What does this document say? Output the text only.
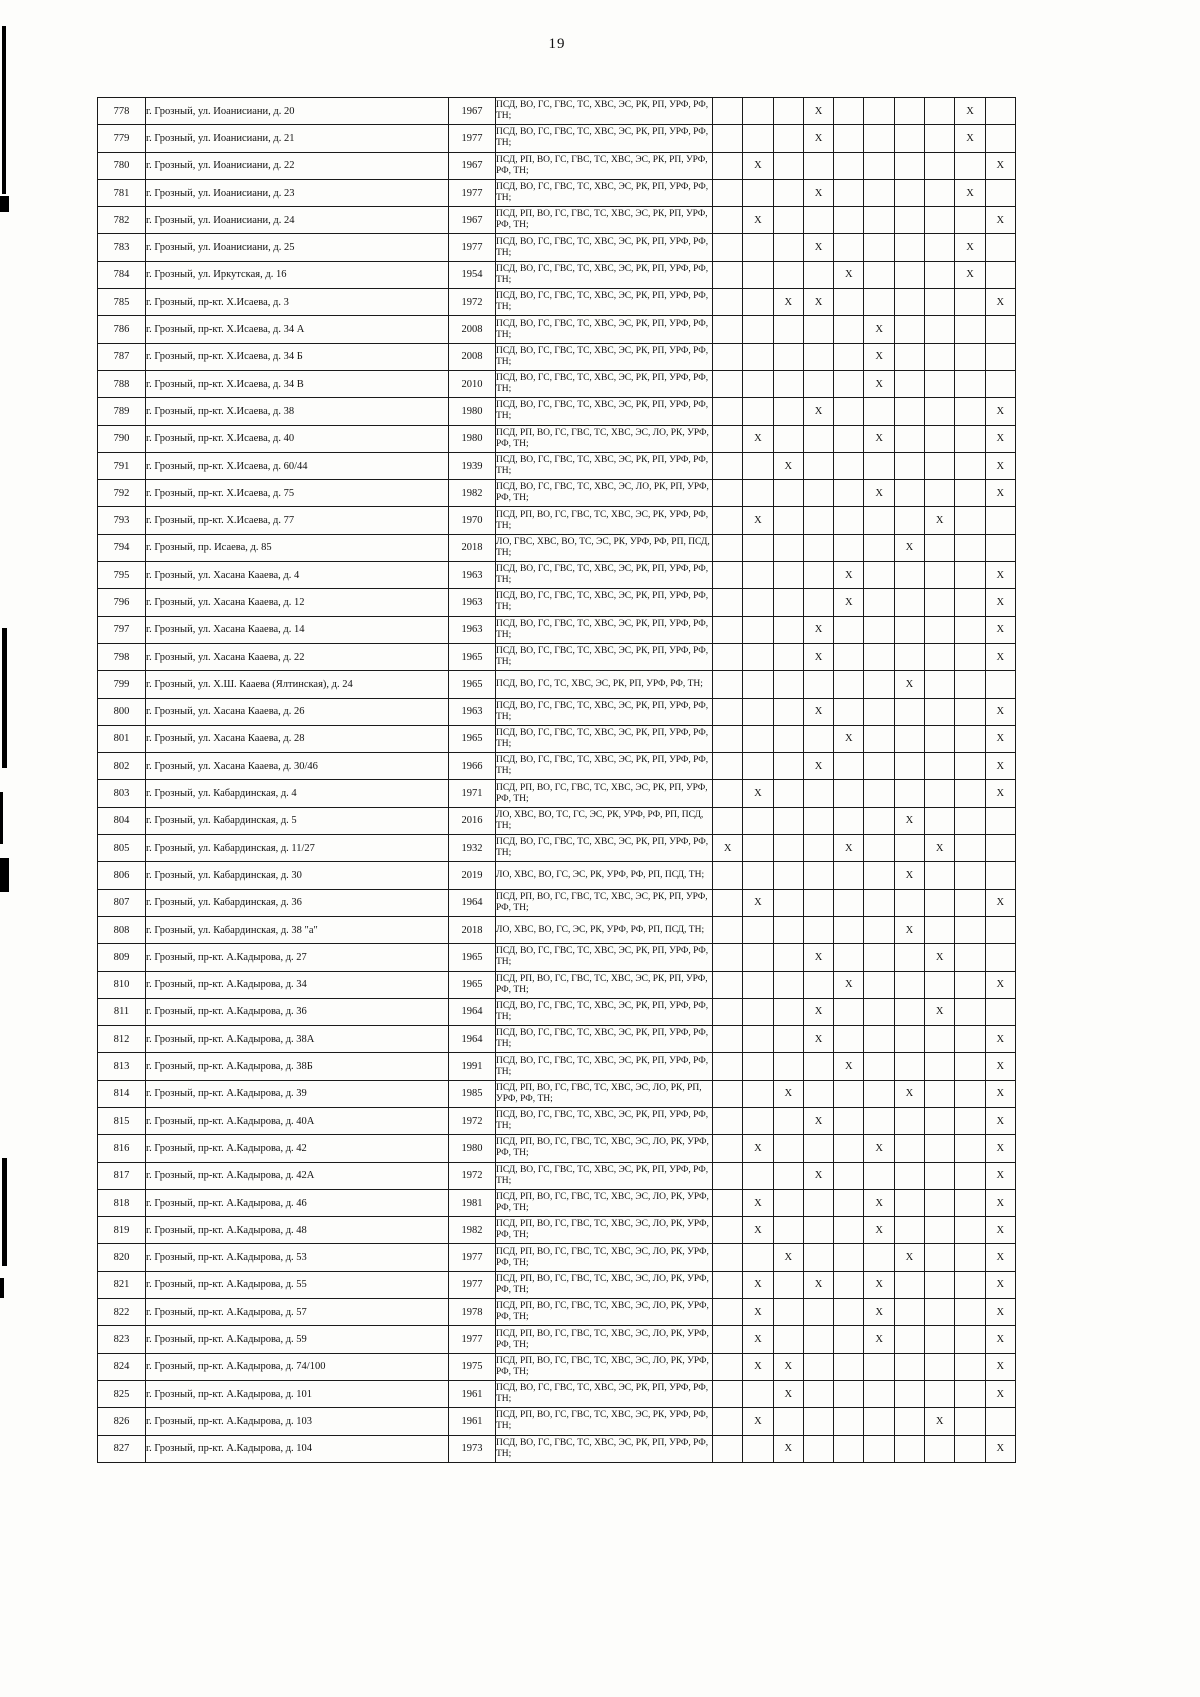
19
778	г. Грозный, ул. Иоанисиани, д. 20	1967	ПСД, ВО, ГС, ГВС, ТС, ХВС, ЭС, РК, РП, УРФ, РФ, ТН;				X					X	
779	г. Грозный, ул. Иоанисиани, д. 21	1977	ПСД, ВО, ГС, ГВС, ТС, ХВС, ЭС, РК, РП, УРФ, РФ, ТН;				X					X	
780	г. Грозный, ул. Иоанисиани, д. 22	1967	ПСД, РП, ВО, ГС, ГВС, ТС, ХВС, ЭС, РК, РП, УРФ, РФ, ТН;		X								X
781	г. Грозный, ул. Иоанисиани, д. 23	1977	ПСД, ВО, ГС, ГВС, ТС, ХВС, ЭС, РК, РП, УРФ, РФ, ТН;				X					X	
782	г. Грозный, ул. Иоанисиани, д. 24	1967	ПСД, РП, ВО, ГС, ГВС, ТС, ХВС, ЭС, РК, РП, УРФ, РФ, ТН;		X								X
783	г. Грозный, ул. Иоанисиани, д. 25	1977	ПСД, ВО, ГС, ГВС, ТС, ХВС, ЭС, РК, РП, УРФ, РФ, ТН;				X					X	
784	г. Грозный, ул. Иркутская, д. 16	1954	ПСД, ВО, ГС, ГВС, ТС, ХВС, ЭС, РК, РП, УРФ, РФ, ТН;					X				X	
785	г. Грозный, пр-кт. Х.Исаева, д. 3	1972	ПСД, ВО, ГС, ГВС, ТС, ХВС, ЭС, РК, РП, УРФ, РФ, ТН;			X	X						X
786	г. Грозный, пр-кт. Х.Исаева, д. 34 А	2008	ПСД, ВО, ГС, ГВС, ТС, ХВС, ЭС, РК, РП, УРФ, РФ, ТН;						X				
787	г. Грозный, пр-кт. Х.Исаева, д. 34 Б	2008	ПСД, ВО, ГС, ГВС, ТС, ХВС, ЭС, РК, РП, УРФ, РФ, ТН;						X				
788	г. Грозный, пр-кт. Х.Исаева, д. 34 В	2010	ПСД, ВО, ГС, ГВС, ТС, ХВС, ЭС, РК, РП, УРФ, РФ, ТН;						X				
789	г. Грозный, пр-кт. Х.Исаева, д. 38	1980	ПСД, ВО, ГС, ГВС, ТС, ХВС, ЭС, РК, РП, УРФ, РФ, ТН;				X						X
790	г. Грозный, пр-кт. Х.Исаева, д. 40	1980	ПСД, РП, ВО, ГС, ГВС, ТС, ХВС, ЭС, ЛО, РК, УРФ, РФ, ТН;		X				X				X
791	г. Грозный, пр-кт. Х.Исаева, д. 60/44	1939	ПСД, ВО, ГС, ГВС, ТС, ХВС, ЭС, РК, РП, УРФ, РФ, ТН;			X							X
792	г. Грозный, пр-кт. Х.Исаева, д. 75	1982	ПСД, ВО, ГС, ГВС, ТС, ХВС, ЭС, ЛО, РК, РП, УРФ, РФ, ТН;						X				X
793	г. Грозный, пр-кт. Х.Исаева, д. 77	1970	ПСД, РП, ВО, ГС, ГВС, ТС, ХВС, ЭС, РК, УРФ, РФ, ТН;		X						X		
794	г. Грозный, пр. Исаева, д. 85	2018	ЛО, ГВС, ХВС, ВО, ТС, ЭС, РК, УРФ, РФ, РП, ПСД, ТН;							X			
795	г. Грозный, ул. Хасана Кааева, д. 4	1963	ПСД, ВО, ГС, ГВС, ТС, ХВС, ЭС, РК, РП, УРФ, РФ, ТН;					X					X
796	г. Грозный, ул. Хасана Кааева, д. 12	1963	ПСД, ВО, ГС, ГВС, ТС, ХВС, ЭС, РК, РП, УРФ, РФ, ТН;					X					X
797	г. Грозный, ул. Хасана Кааева, д. 14	1963	ПСД, ВО, ГС, ГВС, ТС, ХВС, ЭС, РК, РП, УРФ, РФ, ТН;				X						X
798	г. Грозный, ул. Хасана Кааева, д. 22	1965	ПСД, ВО, ГС, ГВС, ТС, ХВС, ЭС, РК, РП, УРФ, РФ, ТН;				X						X
799	г. Грозный, ул. Х.Ш. Кааева (Ялтинская), д. 24	1965	ПСД, ВО, ГС, ТС, ХВС, ЭС, РК, РП, УРФ, РФ, ТН;							X			
800	г. Грозный, ул. Хасана Кааева, д. 26	1963	ПСД, ВО, ГС, ГВС, ТС, ХВС, ЭС, РК, РП, УРФ, РФ, ТН;				X						X
801	г. Грозный, ул. Хасана Кааева, д. 28	1965	ПСД, ВО, ГС, ГВС, ТС, ХВС, ЭС, РК, РП, УРФ, РФ, ТН;					X					X
802	г. Грозный, ул. Хасана Кааева, д. 30/46	1966	ПСД, ВО, ГС, ГВС, ТС, ХВС, ЭС, РК, РП, УРФ, РФ, ТН;				X						X
803	г. Грозный, ул. Кабардинская, д. 4	1971	ПСД, РП, ВО, ГС, ГВС, ТС, ХВС, ЭС, РК, РП, УРФ, РФ, ТН;		X								X
804	г. Грозный, ул. Кабардинская, д. 5	2016	ЛО, ХВС, ВО, ТС, ГС, ЭС, РК, УРФ, РФ, РП, ПСД, ТН;							X			
805	г. Грозный, ул. Кабардинская, д. 11/27	1932	ПСД, ВО, ГС, ГВС, ТС, ХВС, ЭС, РК, РП, УРФ, РФ, ТН;	X				X			X		
806	г. Грозный, ул. Кабардинская, д. 30	2019	ЛО, ХВС, ВО, ГС, ЭС, РК, УРФ, РФ, РП, ПСД, ТН;							X			
807	г. Грозный, ул. Кабардинская, д. 36	1964	ПСД, РП, ВО, ГС, ГВС, ТС, ХВС, ЭС, РК, РП, УРФ, РФ, ТН;		X								X
808	г. Грозный, ул. Кабардинская, д. 38 "а"	2018	ЛО, ХВС, ВО, ГС, ЭС, РК, УРФ, РФ, РП, ПСД, ТН;							X			
809	г. Грозный, пр-кт. А.Кадырова, д. 27	1965	ПСД, ВО, ГС, ГВС, ТС, ХВС, ЭС, РК, РП, УРФ, РФ, ТН;				X				X		
810	г. Грозный, пр-кт. А.Кадырова, д. 34	1965	ПСД, РП, ВО, ГС, ГВС, ТС, ХВС, ЭС, РК, РП, УРФ, РФ, ТН;					X					X
811	г. Грозный, пр-кт. А.Кадырова, д. 36	1964	ПСД, ВО, ГС, ГВС, ТС, ХВС, ЭС, РК, РП, УРФ, РФ, ТН;				X				X		
812	г. Грозный, пр-кт. А.Кадырова, д. 38А	1964	ПСД, ВО, ГС, ГВС, ТС, ХВС, ЭС, РК, РП, УРФ, РФ, ТН;				X						X
813	г. Грозный, пр-кт. А.Кадырова, д. 38Б	1991	ПСД, ВО, ГС, ГВС, ТС, ХВС, ЭС, РК, РП, УРФ, РФ, ТН;					X					X
814	г. Грозный, пр-кт. А.Кадырова, д. 39	1985	ПСД, РП, ВО, ГС, ГВС, ТС, ХВС, ЭС, ЛО, РК, РП, УРФ, РФ, ТН;			X				X			X
815	г. Грозный, пр-кт. А.Кадырова, д. 40А	1972	ПСД, ВО, ГС, ГВС, ТС, ХВС, ЭС, РК, РП, УРФ, РФ, ТН;				X						X
816	г. Грозный, пр-кт. А.Кадырова, д. 42	1980	ПСД, РП, ВО, ГС, ГВС, ТС, ХВС, ЭС, ЛО, РК, УРФ, РФ, ТН;		X				X				X
817	г. Грозный, пр-кт. А.Кадырова, д. 42А	1972	ПСД, ВО, ГС, ГВС, ТС, ХВС, ЭС, РК, РП, УРФ, РФ, ТН;				X						X
818	г. Грозный, пр-кт. А.Кадырова, д. 46	1981	ПСД, РП, ВО, ГС, ГВС, ТС, ХВС, ЭС, ЛО, РК, УРФ, РФ, ТН;		X				X				X
819	г. Грозный, пр-кт. А.Кадырова, д. 48	1982	ПСД, РП, ВО, ГС, ГВС, ТС, ХВС, ЭС, ЛО, РК, УРФ, РФ, ТН;		X				X				X
820	г. Грозный, пр-кт. А.Кадырова, д. 53	1977	ПСД, РП, ВО, ГС, ГВС, ТС, ХВС, ЭС, ЛО, РК, УРФ, РФ, ТН;			X				X			X
821	г. Грозный, пр-кт. А.Кадырова, д. 55	1977	ПСД, РП, ВО, ГС, ГВС, ТС, ХВС, ЭС, ЛО, РК, УРФ, РФ, ТН;		X		X		X				X
822	г. Грозный, пр-кт. А.Кадырова, д. 57	1978	ПСД, РП, ВО, ГС, ГВС, ТС, ХВС, ЭС, ЛО, РК, УРФ, РФ, ТН;		X				X				X
823	г. Грозный, пр-кт. А.Кадырова, д. 59	1977	ПСД, РП, ВО, ГС, ГВС, ТС, ХВС, ЭС, ЛО, РК, УРФ, РФ, ТН;		X				X				X
824	г. Грозный, пр-кт. А.Кадырова, д. 74/100	1975	ПСД, РП, ВО, ГС, ГВС, ТС, ХВС, ЭС, ЛО, РК, УРФ, РФ, ТН;		X	X							X
825	г. Грозный, пр-кт. А.Кадырова, д. 101	1961	ПСД, ВО, ГС, ГВС, ТС, ХВС, ЭС, РК, РП, УРФ, РФ, ТН;			X							X
826	г. Грозный, пр-кт. А.Кадырова, д. 103	1961	ПСД, РП, ВО, ГС, ГВС, ТС, ХВС, ЭС, РК, УРФ, РФ, ТН;		X						X		
827	г. Грозный, пр-кт. А.Кадырова, д. 104	1973	ПСД, ВО, ГС, ГВС, ТС, ХВС, ЭС, РК, РП, УРФ, РФ, ТН;			X							X
